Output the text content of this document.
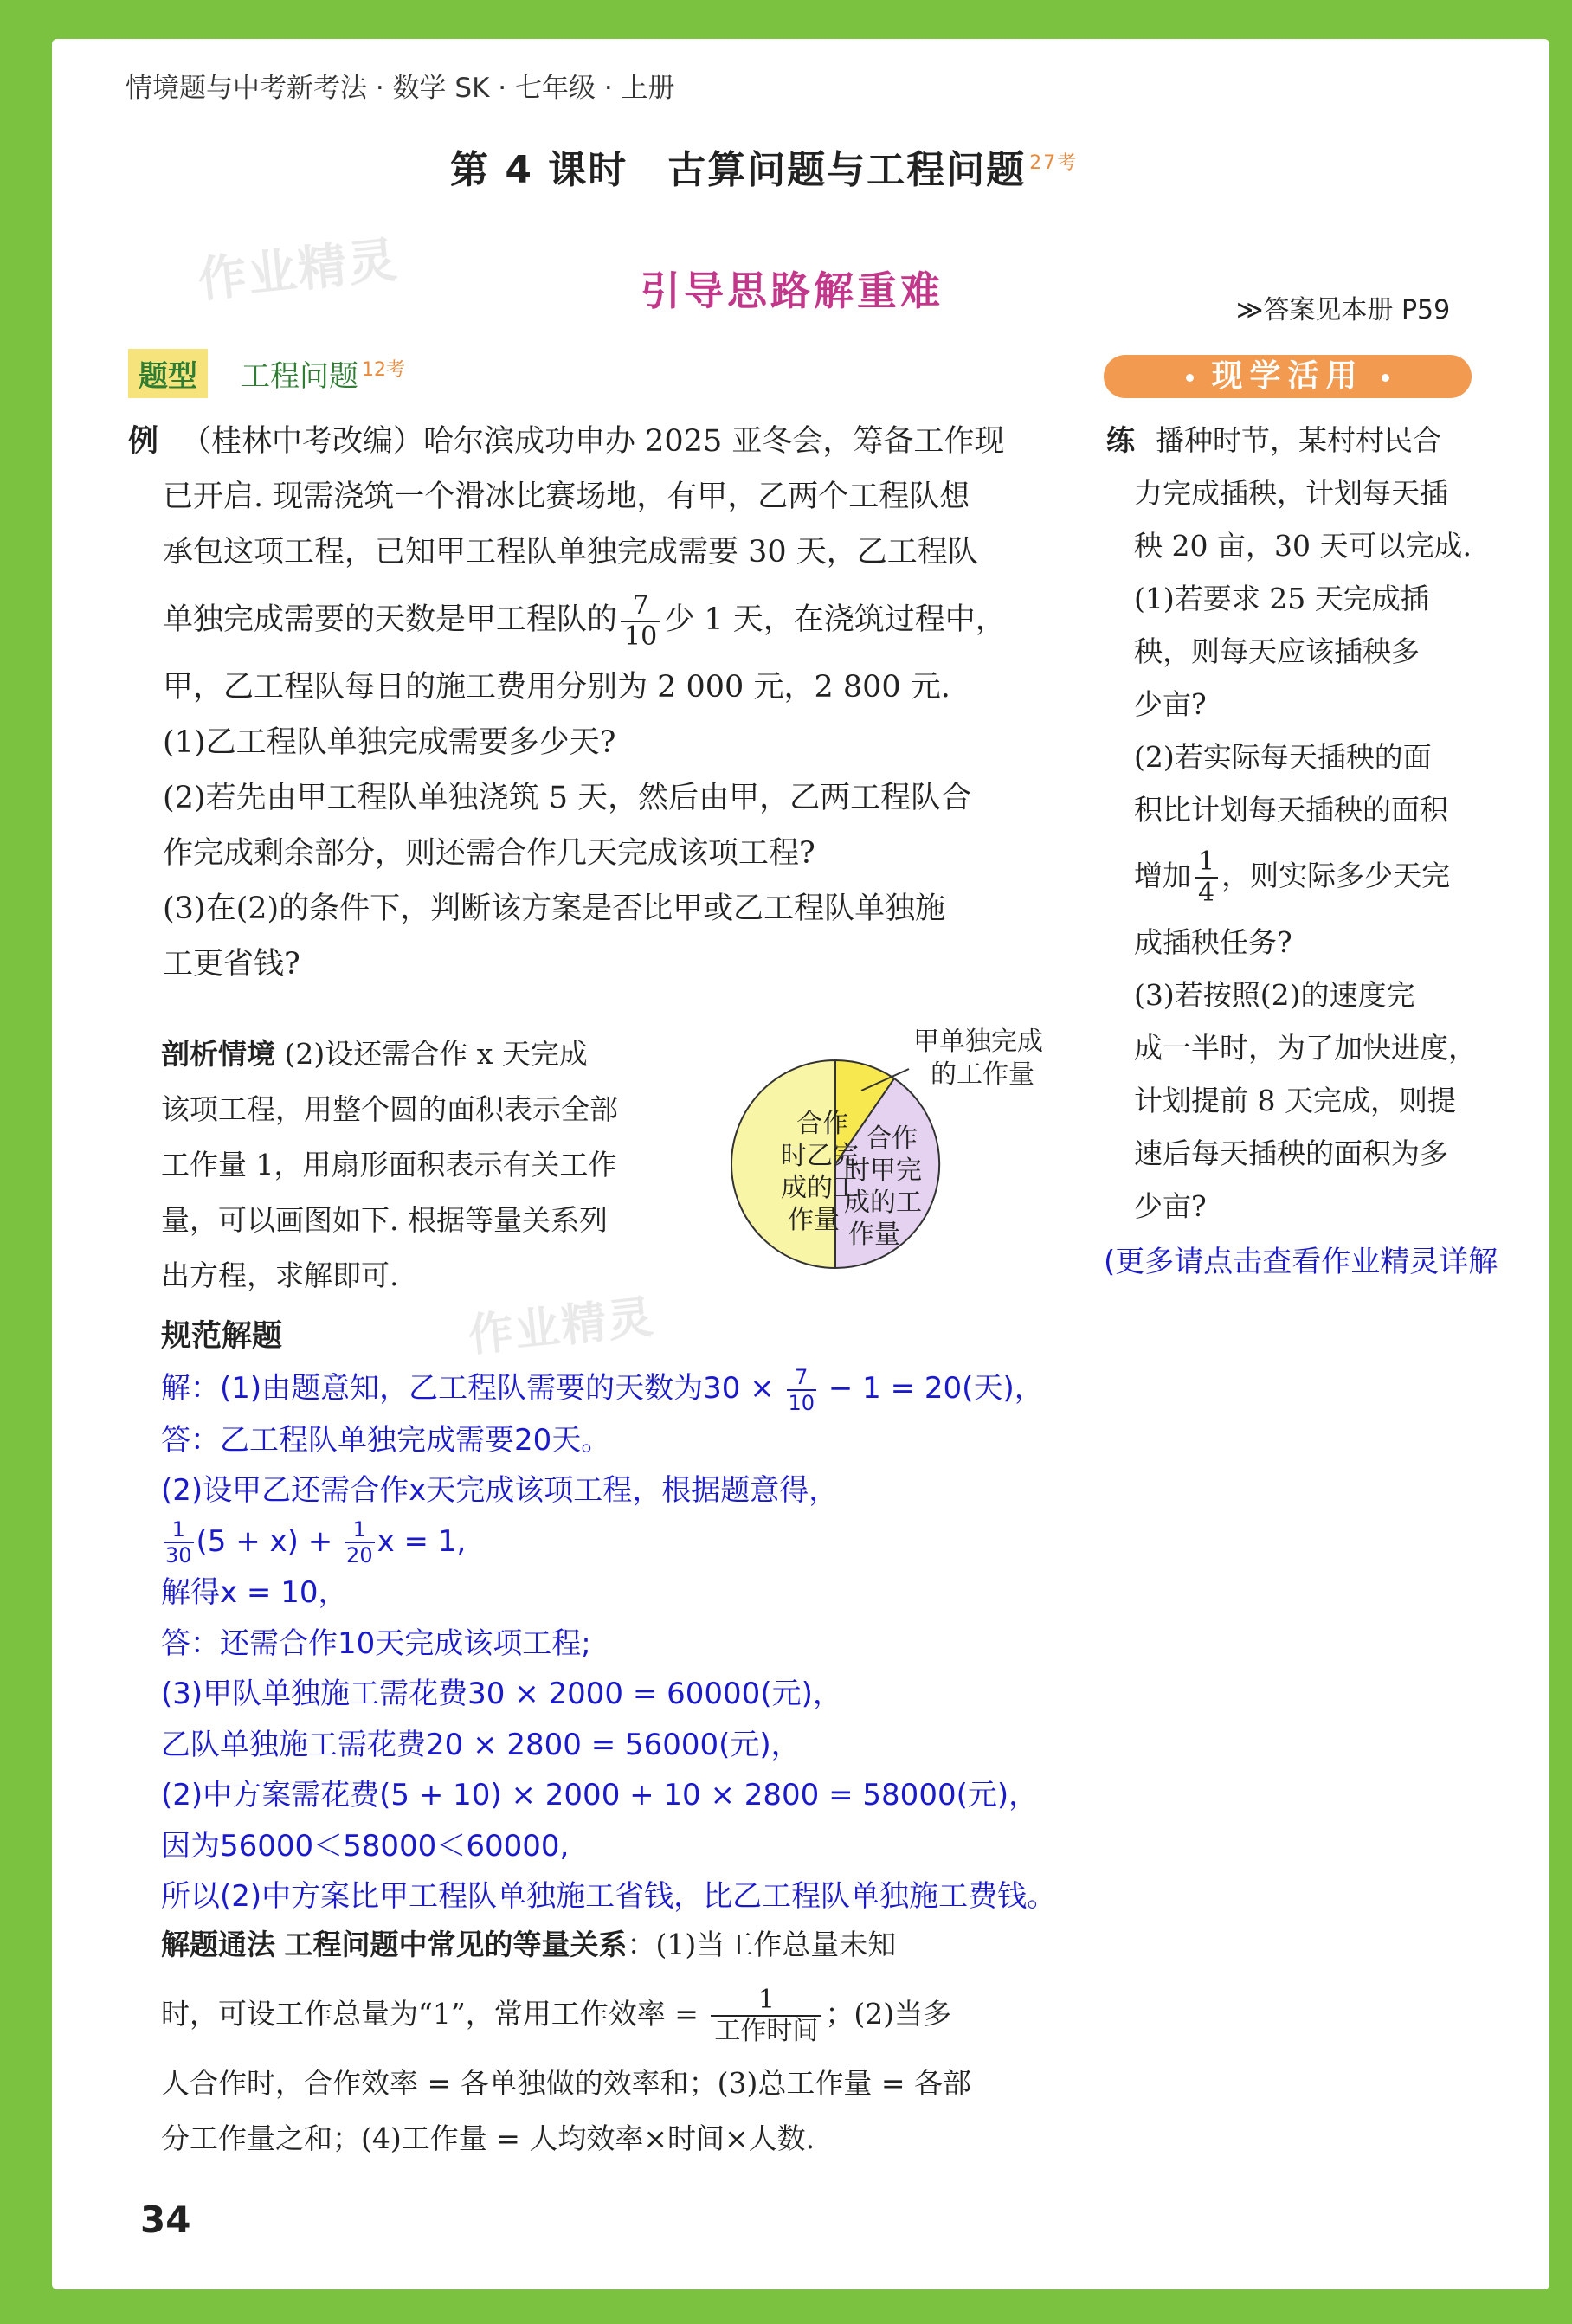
情境题与中考新考法 · 数学 SK · 七年级 · 上册
第 4 课时　古算问题与工程问题 $^{27考}$
作业精灵	引导思路解重难	≫答案见本册 P59
题型	工程问题 $^{12考}$	现学活用

例 （桂林中考改编）哈尔滨成功申办 2025 亚冬会，筹备工作现

已开启. 现需浇筑一个滑冰比赛场地，有甲，乙两个工程队想

承包这项工程，已知甲工程队单独完成需要 30 天，乙工程队

单独完成需要的天数是甲工程队的 $\frac{7}{10}$ 少 1 天，在浇筑过程中，

甲，乙工程队每日的施工费用分别为 2 000 元，2 800 元.

(1)乙工程队单独完成需要多少天?

(2)若先由甲工程队单独浇筑 5 天，然后由甲，乙两工程队合

作完成剩余部分，则还需合作几天完成该项工程?

(3)在(2)的条件下，判断该方案是否比甲或乙工程队单独施

工更省钱?

剖析情境 (2)设还需合作 x 天完成

该项工程，用整个圆的面积表示全部

工作量 1，用扇形面积表示有关工作

量，可以画图如下. 根据等量关系列

出方程，求解即可.

甲单独完成
的工作量
合作
时乙完
成的工
作量
合作
时甲完
成的工
作量
作业精灵
规范解题

解：(1)由题意知，乙工程队需要的天数为$30 \times \frac{7}{10} - 1 = 20$(天)，

答：乙工程队单独完成需要20天。

(2)设甲乙还需合作x天完成该项工程，根据题意得，

$\frac{1}{30} (5 + x) + \frac{1}{20}$ x = 1,

解得x = 10，

答：还需合作10天完成该项工程;

(3)甲队单独施工需花费30 × 2000 = 60000(元)，

乙队单独施工需花费20 × 2800 = 56000(元)，

(2)中方案需花费(5 + 10) × 2000 + 10 × 2800 = 58000(元)，

因为56000＜58000＜60000,

所以(2)中方案比甲工程队单独施工省钱，比乙工程队单独施工费钱。

解题通法 工程问题中常见的等量关系：(1)当工作总量未知

时，可设工作总量为“1”，常用工作效率 = $\frac{1}{\text{工作时间}}$ ；(2)当多

人合作时，合作效率 = 各单独做的效率和；(3)总工作量 = 各部

分工作量之和；(4)工作量 = 人均效率×时间×人数.

练 播种时节，某村村民合

力完成插秧，计划每天插

秧 20 亩，30 天可以完成.

(1)若要求 25 天完成插

秧，则每天应该插秧多

少亩?

(2)若实际每天插秧的面

积比计划每天插秧的面积

增加 $\frac{1}{4}$ ，则实际多少天完

成插秧任务?

(3)若按照(2)的速度完

成一半时，为了加快进度，

计划提前 8 天完成，则提

速后每天插秧的面积为多

少亩?

(更多请点击查看作业精灵详解
34
